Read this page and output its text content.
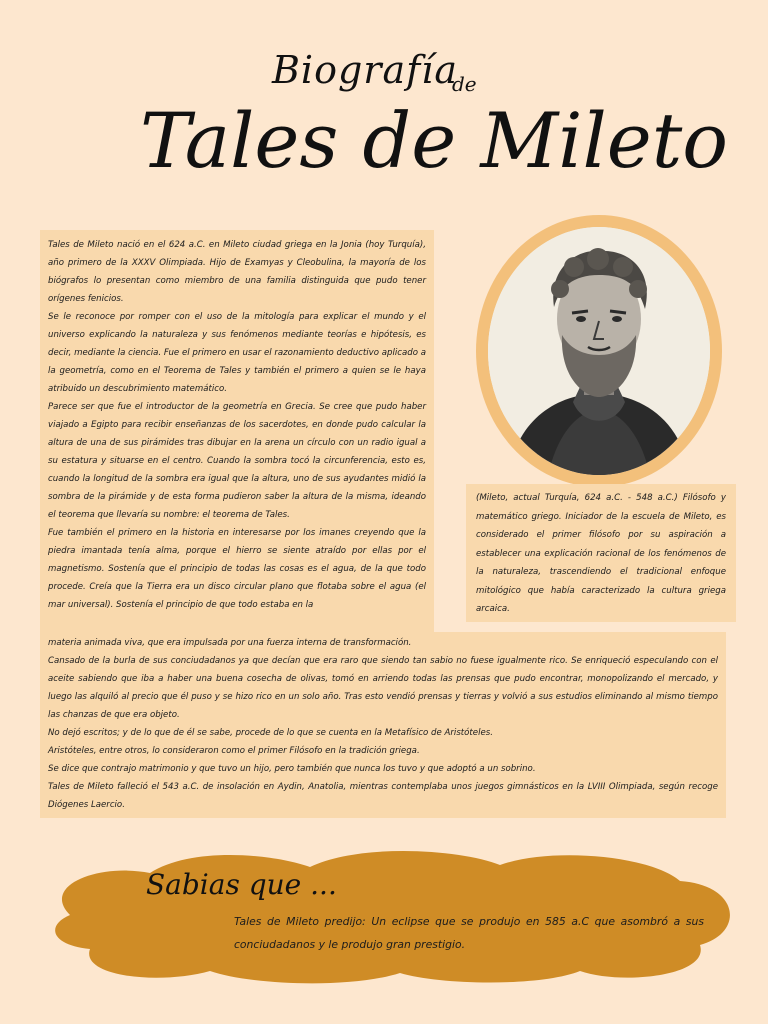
Biografía
de
Tales de Mileto

Tales de Mileto nació en el 624 a.C. en Mileto ciudad griega en la Jonia (hoy Turquía), año primero de la XXXV Olimpiada. Hijo de Examyas y Cleobulina, la mayoría de los biógrafos lo presentan como miembro de una familia distinguida que pudo tener orígenes fenicios.

Se le reconoce por romper con el uso de la mitología para explicar el mundo y el universo explicando la naturaleza y sus fenómenos mediante teorías e hipótesis, es decir, mediante la ciencia. Fue el primero en usar el razonamiento deductivo aplicado a la geometría, como en el Teorema de Tales y también el primero a quien se le haya atribuido un descubrimiento matemático.

Parece ser que fue el introductor de la geometría en Grecia. Se cree que pudo haber viajado a Egipto para recibir enseñanzas de los sacerdotes, en donde pudo calcular la altura de una de sus pirámides tras dibujar en la arena un círculo con un radio igual a su estatura y situarse en el centro. Cuando la sombra tocó la circunferencia, esto es, cuando la longitud de la sombra era igual que la altura, uno de sus ayudantes midió la sombra de la pirámide y de esta forma pudieron saber la altura de la misma, ideando el teorema que llevaría su nombre: el teorema de Tales.

Fue también el primero en la historia en interesarse por los imanes creyendo que la piedra imantada tenía alma, porque el hierro se siente atraído por ellas por el magnetismo. Sostenía que el principio de todas las cosas es el agua, de la que todo procede. Creía que la Tierra era un disco circular plano que flotaba sobre el agua (el mar universal). Sostenía el principio de que todo estaba en la

(Mileto, actual Turquía, 624 a.C. - 548 a.C.) Filósofo y matemático griego. Iniciador de la escuela de Mileto, es considerado el primer filósofo por su aspiración a establecer una explicación racional de los fenómenos de la naturaleza, trascendiendo el tradicional enfoque mitológico que había caracterizado la cultura griega arcaica.

materia animada viva, que era impulsada por una fuerza interna de transformación.

Cansado de la burla de sus conciudadanos ya que decían que era raro que siendo tan sabio no fuese igualmente rico. Se enriqueció especulando con el aceite sabiendo que iba a haber una buena cosecha de olivas, tomó en arriendo todas las prensas que pudo encontrar, monopolizando el mercado, y luego las alquiló al precio que él puso y se hizo rico en un solo año. Tras esto vendió prensas y tierras y volvió a sus estudios eliminando al mismo tiempo las chanzas de que era objeto.

No dejó escritos; y de lo que de él se sabe, procede de lo que se cuenta en la Metafísico de Aristóteles.

Aristóteles, entre otros, lo consideraron como el primer Filósofo en la tradición griega.

Se dice que contrajo matrimonio y que tuvo un hijo, pero también que nunca los tuvo y que adoptó a un sobrino.

Tales de Mileto falleció el 543 a.C. de insolación en Aydin, Anatolia, mientras contemplaba unos juegos gimnásticos en la LVIII Olimpiada, según recoge Diógenes Laercio.

Sabias que ...
Tales de Mileto predijo: Un eclipse que se produjo en 585 a.C que asombró a sus conciudadanos y le produjo gran prestigio.
